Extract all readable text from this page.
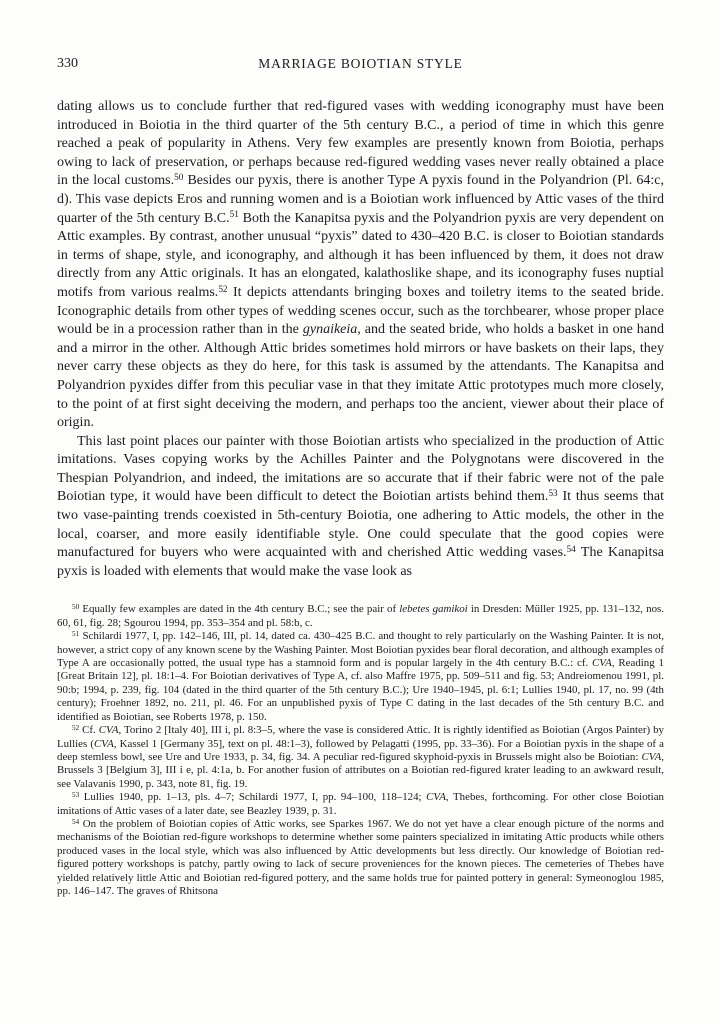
330	MARRIAGE BOIOTIAN STYLE

dating allows us to conclude further that red-figured vases with wedding iconography must have been introduced in Boiotia in the third quarter of the 5th century B.C., a period of time in which this genre reached a peak of popularity in Athens. Very few examples are presently known from Boiotia, perhaps owing to lack of preservation, or perhaps because red-figured wedding vases never really obtained a place in the local customs.$^{50}$ Besides our pyxis, there is another Type A pyxis found in the Polyandrion (Pl. 64:c, d). This vase depicts Eros and running women and is a Boiotian work influenced by Attic vases of the third quarter of the 5th century B.C.$^{51}$ Both the Kanapitsa pyxis and the Polyandrion pyxis are very dependent on Attic examples. By contrast, another unusual “pyxis” dated to 430–420 B.C. is closer to Boiotian standards in terms of shape, style, and iconography, and although it has been influenced by them, it does not draw directly from any Attic originals. It has an elongated, kalathoslike shape, and its iconography fuses nuptial motifs from various realms.$^{52}$ It depicts attendants bringing boxes and toiletry items to the seated bride. Iconographic details from other types of wedding scenes occur, such as the torchbearer, whose proper place would be in a procession rather than in the gynaikeia, and the seated bride, who holds a basket in one hand and a mirror in the other. Although Attic brides sometimes hold mirrors or have baskets on their laps, they never carry these objects as they do here, for this task is assumed by the attendants. The Kanapitsa and Polyandrion pyxides differ from this peculiar vase in that they imitate Attic prototypes much more closely, to the point of at first sight deceiving the modern, and perhaps too the ancient, viewer about their place of origin.

This last point places our painter with those Boiotian artists who specialized in the production of Attic imitations. Vases copying works by the Achilles Painter and the Polygnotans were discovered in the Thespian Polyandrion, and indeed, the imitations are so accurate that if their fabric were not of the pale Boiotian type, it would have been difficult to detect the Boiotian artists behind them.$^{53}$ It thus seems that two vase-painting trends coexisted in 5th-century Boiotia, one adhering to Attic models, the other in the local, coarser, and more easily identifiable style. One could speculate that the good copies were manufactured for buyers who were acquainted with and cherished Attic wedding vases.$^{54}$ The Kanapitsa pyxis is loaded with elements that would make the vase look as

$^{50}$ Equally few examples are dated in the 4th century B.C.; see the pair of lebetes gamikoi in Dresden: Müller 1925, pp. 131–132, nos. 60, 61, fig. 28; Sgourou 1994, pp. 353–354 and pl. 58:b, c.

$^{51}$ Schilardi 1977, I, pp. 142–146, III, pl. 14, dated ca. 430–425 B.C. and thought to rely particularly on the Washing Painter. It is not, however, a strict copy of any known scene by the Washing Painter. Most Boiotian pyxides bear floral decoration, and although examples of Type A are occasionally potted, the usual type has a stamnoid form and is popular largely in the 4th century B.C.: cf. CVA, Reading 1 [Great Britain 12], pl. 18:1–4. For Boiotian derivatives of Type A, cf. also Maffre 1975, pp. 509–511 and fig. 53; Andreiomenou 1991, pl. 90:b; 1994, p. 239, fig. 104 (dated in the third quarter of the 5th century B.C.); Ure 1940–1945, pl. 6:1; Lullies 1940, pl. 17, no. 99 (4th century); Froehner 1892, no. 211, pl. 46. For an unpublished pyxis of Type C dating in the last decades of the 5th century B.C. and identified as Boiotian, see Roberts 1978, p. 150.

$^{52}$ Cf. CVA, Torino 2 [Italy 40], III i, pl. 8:3–5, where the vase is considered Attic. It is rightly identified as Boiotian (Argos Painter) by Lullies (CVA, Kassel 1 [Germany 35], text on pl. 48:1–3), followed by Pelagatti (1995, pp. 33–36). For a Boiotian pyxis in the shape of a deep stemless bowl, see Ure and Ure 1933, p. 34, fig. 34. A peculiar red-figured skyphoid-pyxis in Brussels might also be Boiotian: CVA, Brussels 3 [Belgium 3], III i e, pl. 4:1a, b. For another fusion of attributes on a Boiotian red-figured krater leading to an awkward result, see Valavanis 1990, p. 343, note 81, fig. 19.

$^{53}$ Lullies 1940, pp. 1–13, pls. 4–7; Schilardi 1977, I, pp. 94–100, 118–124; CVA, Thebes, forthcoming. For other close Boiotian imitations of Attic vases of a later date, see Beazley 1939, p. 31.

$^{54}$ On the problem of Boiotian copies of Attic works, see Sparkes 1967. We do not yet have a clear enough picture of the norms and mechanisms of the Boiotian red-figure workshops to determine whether some painters specialized in imitating Attic products while others produced vases in the local style, which was also influenced by Attic developments but less directly. Our knowledge of Boiotian red-figured pottery workshops is patchy, partly owing to lack of secure proveniences for the known pieces. The cemeteries of Thebes have yielded relatively little Attic and Boiotian red-figured pottery, and the same holds true for painted pottery in general: Symeonoglou 1985, pp. 146–147. The graves of Rhitsona
